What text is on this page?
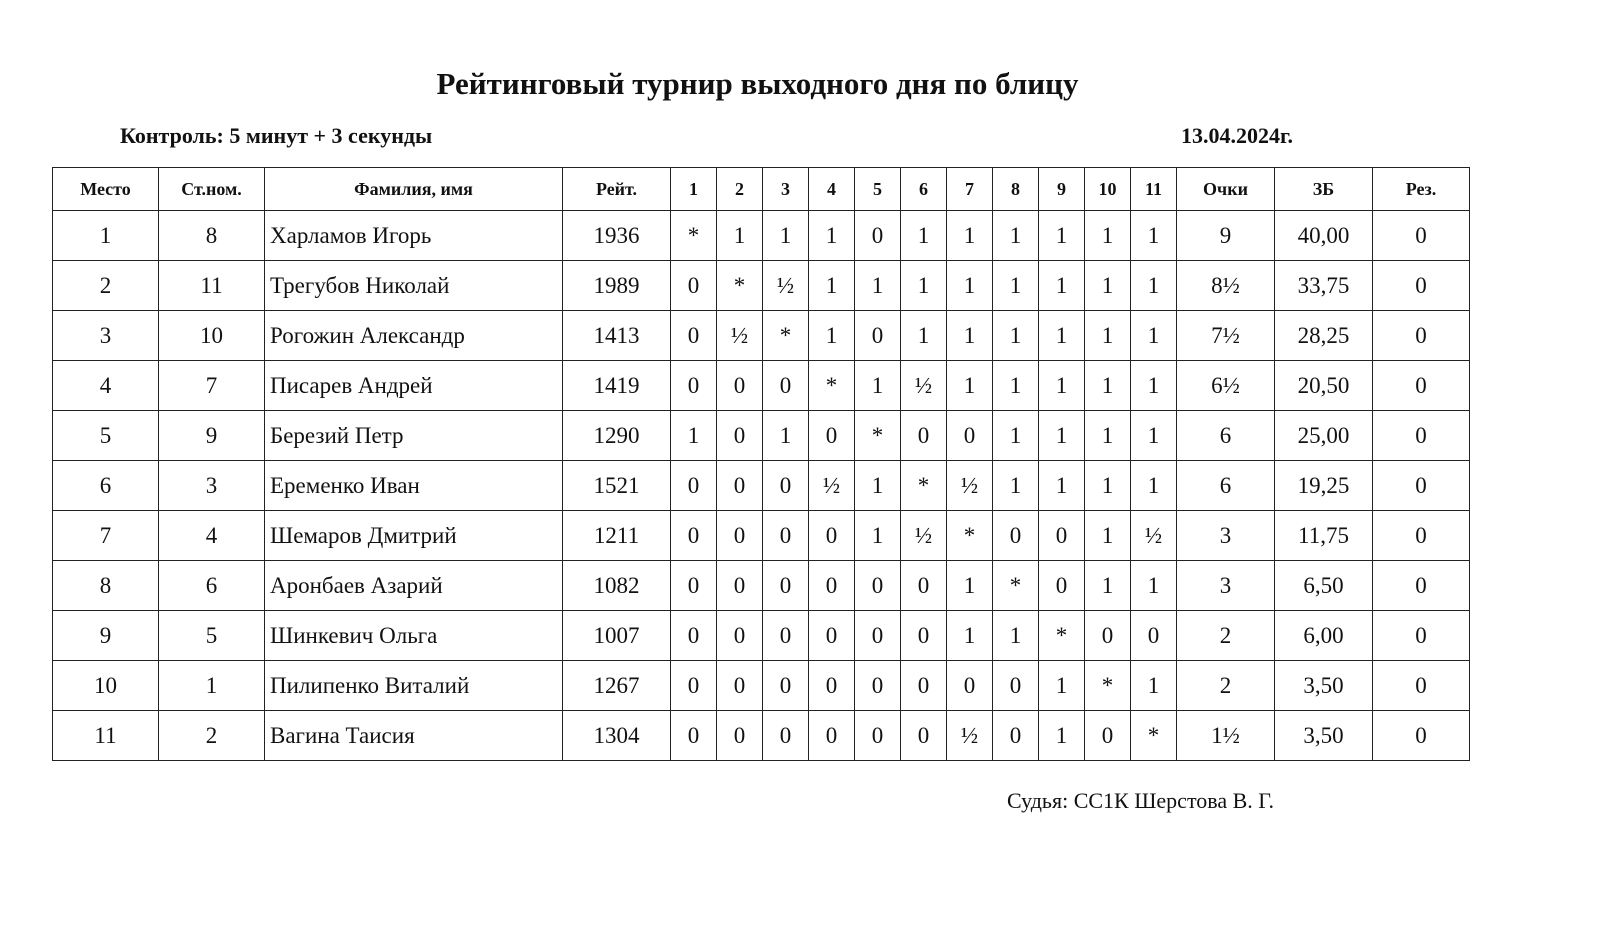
Рейтинговый турнир выходного дня по блицу
Контроль: 5 минут + 3 секунды	13.04.2024г.
Место	Ст.ном.	Фамилия, имя	Рейт.	1	2	3	4	5	6	7	8	9	10	11	Очки	ЗБ	Рез.
1	8	Харламов Игорь	1936	*	1	1	1	0	1	1	1	1	1	1	9	40,00	0
2	11	Трегубов Николай	1989	0	*	½	1	1	1	1	1	1	1	1	8½	33,75	0
3	10	Рогожин Александр	1413	0	½	*	1	0	1	1	1	1	1	1	7½	28,25	0
4	7	Писарев Андрей	1419	0	0	0	*	1	½	1	1	1	1	1	6½	20,50	0
5	9	Березий Петр	1290	1	0	1	0	*	0	0	1	1	1	1	6	25,00	0
6	3	Еременко Иван	1521	0	0	0	½	1	*	½	1	1	1	1	6	19,25	0
7	4	Шемаров Дмитрий	1211	0	0	0	0	1	½	*	0	0	1	½	3	11,75	0
8	6	Аронбаев Азарий	1082	0	0	0	0	0	0	1	*	0	1	1	3	6,50	0
9	5	Шинкевич Ольга	1007	0	0	0	0	0	0	1	1	*	0	0	2	6,00	0
10	1	Пилипенко Виталий	1267	0	0	0	0	0	0	0	0	1	*	1	2	3,50	0
11	2	Вагина Таисия	1304	0	0	0	0	0	0	½	0	1	0	*	1½	3,50	0
Судья: СС1К Шерстова В. Г.
